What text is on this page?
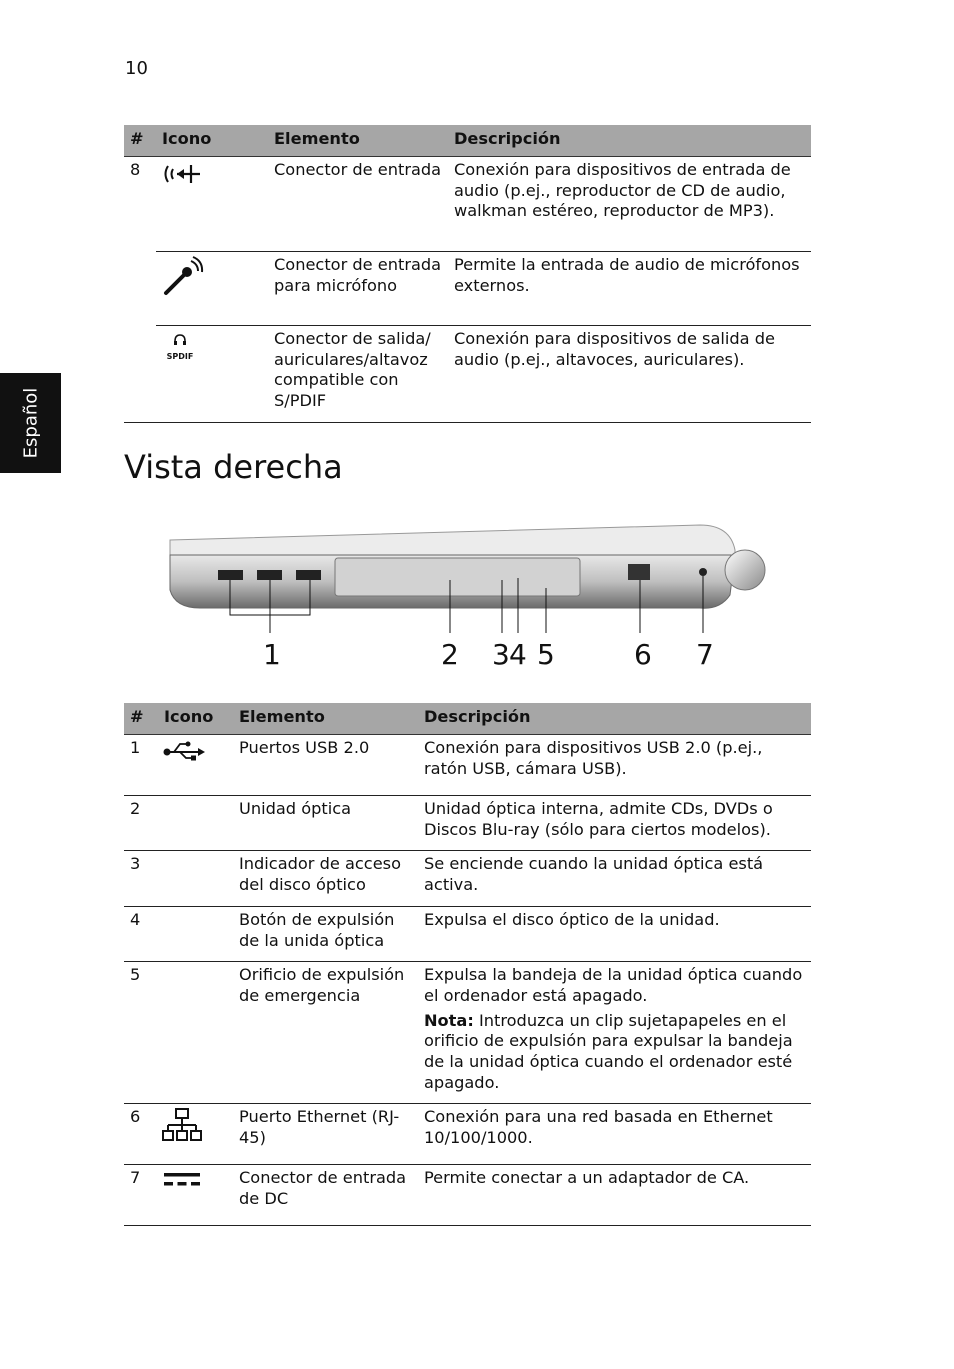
10
Español
#	Icono	Elemento	Descripción
8		Conector de entrada	Conexión para dispositivos de entrada de audio (p.ej., reproductor de CD de audio, walkman estéreo, reproductor de MP3).
		Conector de entrada para micrófono	Permite la entrada de audio de micrófonos externos.

	SPDIF	Conector de salida/ auriculares/altavoz compatible con S/PDIF	Conexión para dispositivos de salida de audio (p.ej., altavoces, auriculares).
Vista derecha
1	2 3 4 5	6 7
#	Icono	Elemento	Descripción
1		Puertos USB 2.0	Conexión para dispositivos USB 2.0 (p.ej., ratón USB, cámara USB).
2		Unidad óptica	Unidad óptica interna, admite CDs, DVDs o Discos Blu-ray (sólo para ciertos modelos).
3		Indicador de acceso del disco óptico	Se enciende cuando la unidad óptica está activa.
4		Botón de expulsión de la unida óptica	Expulsa el disco óptico de la unidad.
5		Orificio de expulsión de emergencia	Expulsa la bandeja de la unidad óptica cuando el ordenador está apagado.

Nota: Introduzca un clip sujetapapeles en el orificio de expulsión para expulsar la bandeja de la unidad óptica cuando el ordenador esté apagado.

6		Puerto Ethernet (RJ-45)	Conexión para una red basada en Ethernet 10/100/1000.
7		Conector de entrada de DC	Permite conectar a un adaptador de CA.
